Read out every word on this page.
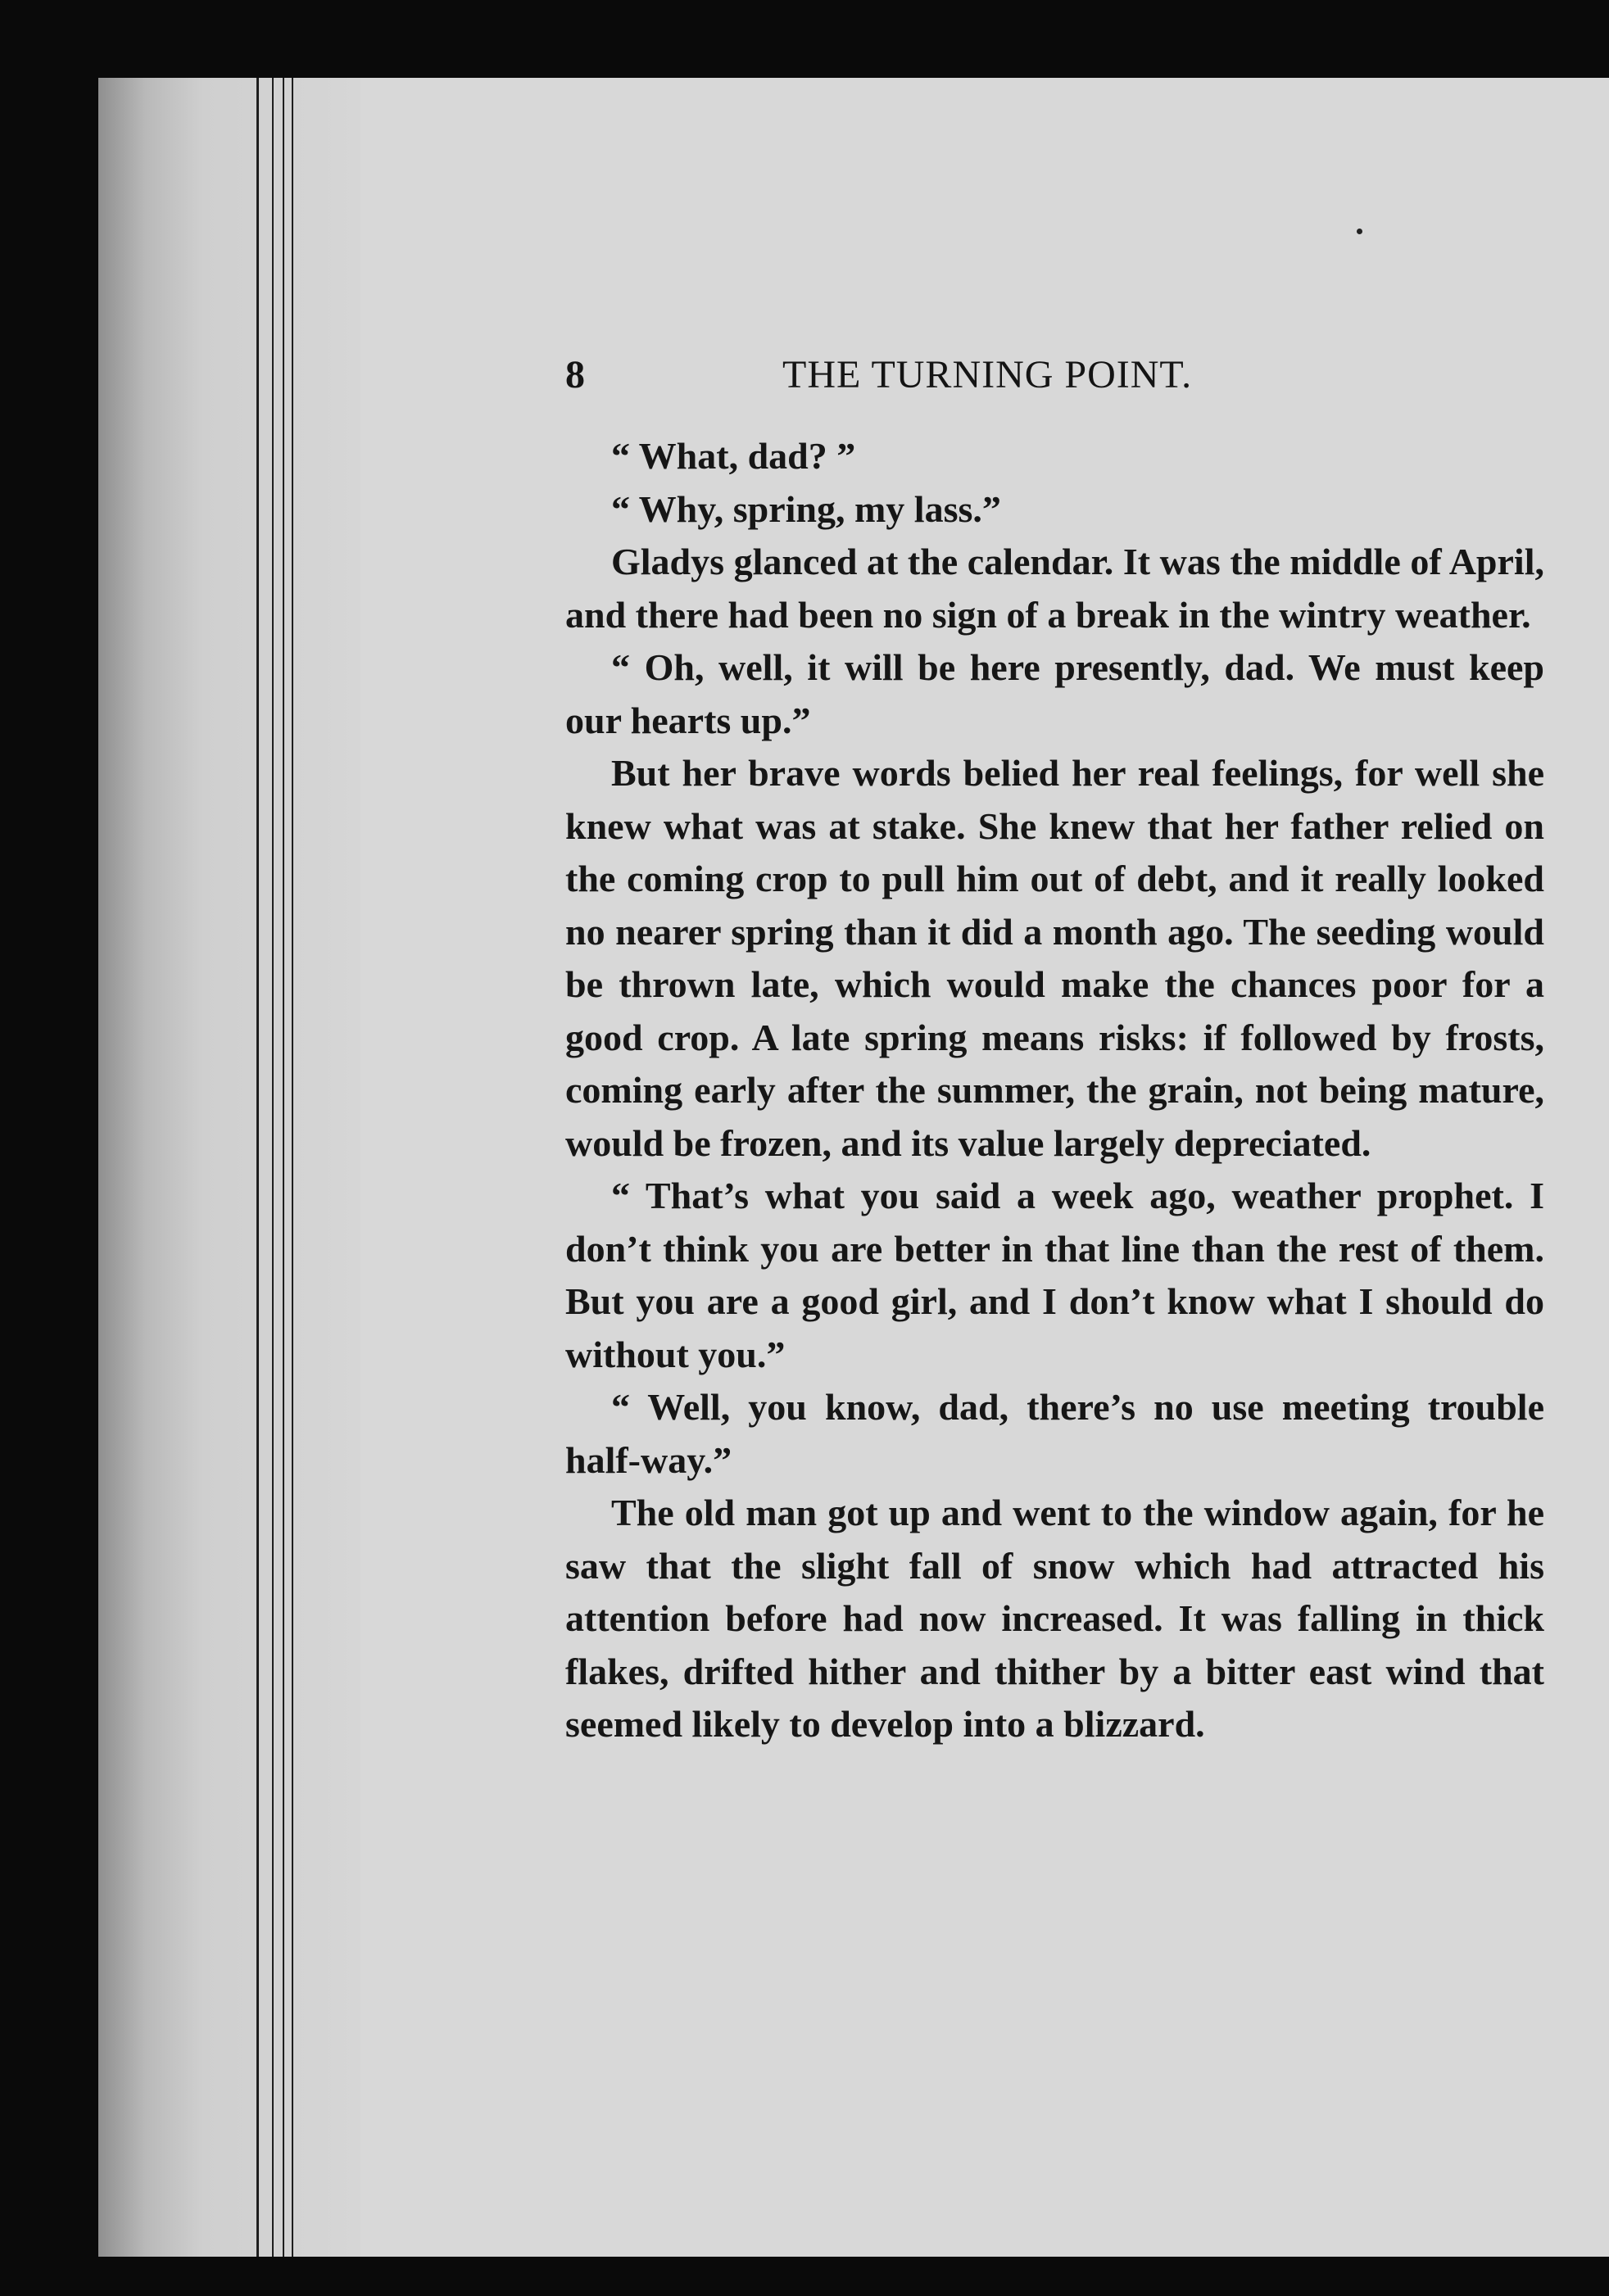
8	THE TURNING POINT.

“ What, dad? ”

“ Why, spring, my lass.”

Gladys glanced at the calendar. It was the middle of April, and there had been no sign of a break in the wintry weather.

“ Oh, well, it will be here presently, dad. We must keep our hearts up.”

But her brave words belied her real feelings, for well she knew what was at stake. She knew that her father relied on the coming crop to pull him out of debt, and it really looked no nearer spring than it did a month ago. The seeding would be thrown late, which would make the chances poor for a good crop. A late spring means risks: if followed by frosts, coming early after the summer, the grain, not being mature, would be frozen, and its value largely depreciated.

“ That’s what you said a week ago, weather prophet. I don’t think you are better in that line than the rest of them. But you are a good girl, and I don’t know what I should do without you.”

“ Well, you know, dad, there’s no use meeting trouble half-way.”

The old man got up and went to the window again, for he saw that the slight fall of snow which had attracted his attention before had now increased. It was falling in thick flakes, drifted hither and thither by a bitter east wind that seemed likely to develop into a blizzard.
